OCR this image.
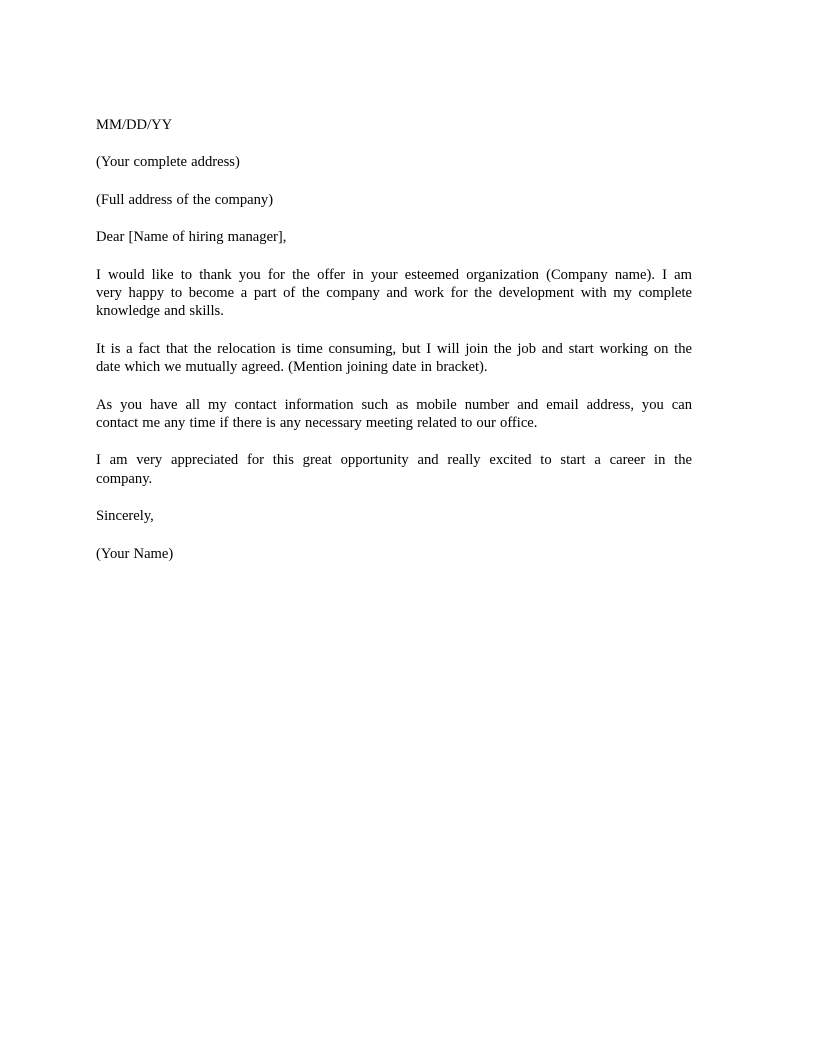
MM/DD/YY

(Your complete address)

(Full address of the company)

Dear [Name of hiring manager],

I would like to thank you for the offer in your esteemed organization (Company name). I am
very happy to become a part of the company and work for the development with my complete
knowledge and skills.
It is a fact that the relocation is time consuming, but I will join the job and start working on the
date which we mutually agreed. (Mention joining date in bracket).
As you have all my contact information such as mobile number and email address, you can
contact me any time if there is any necessary meeting related to our office.
I am very appreciated for this great opportunity and really excited to start a career in the
company.

Sincerely,

(Your Name)
